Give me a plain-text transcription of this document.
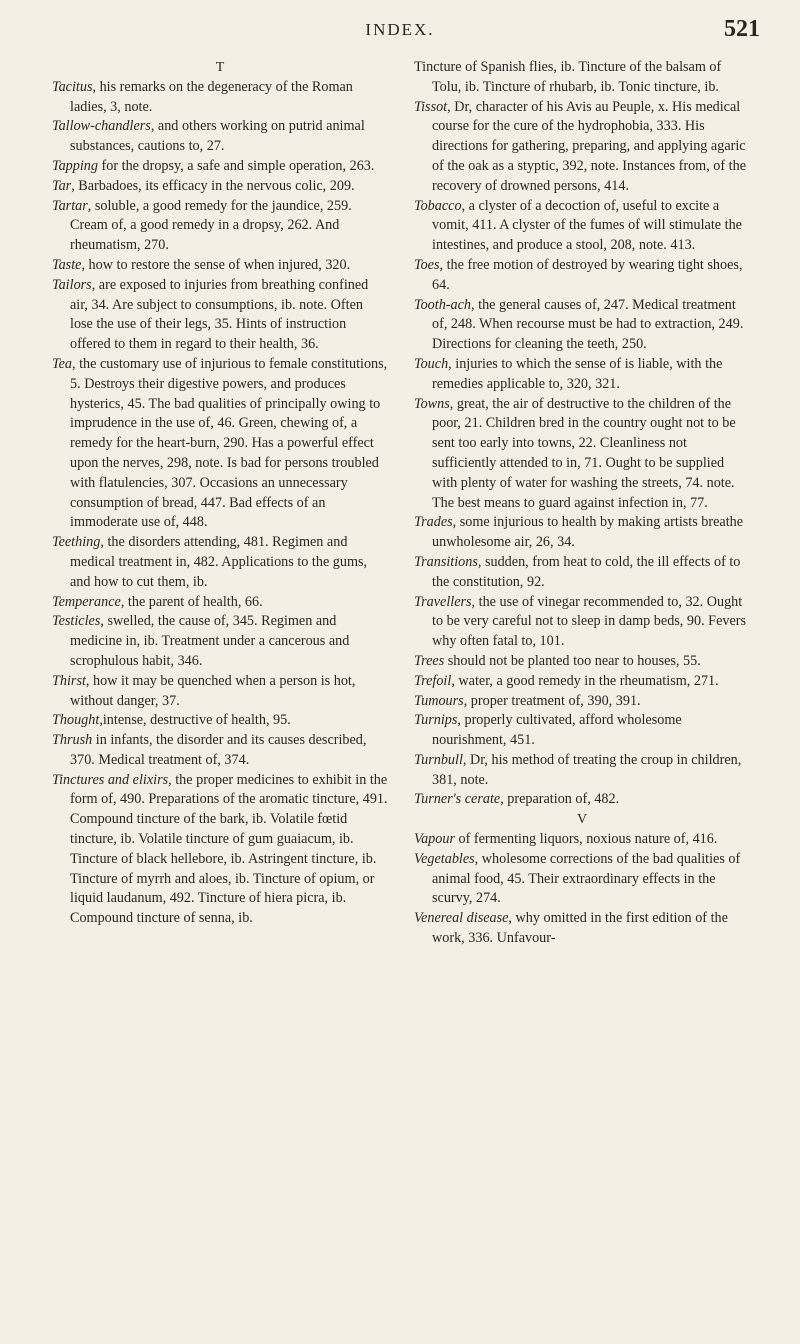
INDEX.	521
T

Tacitus, his remarks on the degeneracy of the Roman ladies, 3, note.

Tallow-chandlers, and others working on putrid animal substances, cautions to, 27.

Tapping for the dropsy, a safe and simple operation, 263.

Tar, Barbadoes, its efficacy in the nervous colic, 209.

Tartar, soluble, a good remedy for the jaundice, 259. Cream of, a good remedy in a dropsy, 262. And rheumatism, 270.

Taste, how to restore the sense of when injured, 320.

Tailors, are exposed to injuries from breathing confined air, 34. Are subject to consumptions, ib. note. Often lose the use of their legs, 35. Hints of instruction offered to them in regard to their health, 36.

Tea, the customary use of injurious to female constitutions, 5. Destroys their digestive powers, and produces hysterics, 45. The bad qualities of principally owing to imprudence in the use of, 46. Green, chewing of, a remedy for the heart-burn, 290. Has a powerful effect upon the nerves, 298, note. Is bad for persons troubled with flatulencies, 307. Occasions an unnecessary consumption of bread, 447. Bad effects of an immoderate use of, 448.

Teething, the disorders attending, 481. Regimen and medical treatment in, 482. Applications to the gums, and how to cut them, ib.

Temperance, the parent of health, 66.

Testicles, swelled, the cause of, 345. Regimen and medicine in, ib. Treatment under a cancerous and scrophulous habit, 346.

Thirst, how it may be quenched when a person is hot, without danger, 37.

Thought,intense, destructive of health, 95.

Thrush in infants, the disorder and its causes described, 370. Medical treatment of, 374.

Tinctures and elixirs, the proper medicines to exhibit in the form of, 490. Preparations of the aromatic tincture, 491. Compound tincture of the bark, ib. Volatile fœtid tincture, ib. Volatile tincture of gum guaiacum, ib. Tincture of black hellebore, ib. Astringent tincture, ib. Tincture of myrrh and aloes, ib. Tincture of opium, or liquid laudanum, 492. Tincture of hiera picra, ib. Compound tincture of senna, ib.

Tincture of Spanish flies, ib. Tincture of the balsam of Tolu, ib. Tincture of rhubarb, ib. Tonic tincture, ib.

Tissot, Dr, character of his Avis au Peuple, x. His medical course for the cure of the hydrophobia, 333. His directions for gathering, preparing, and applying agaric of the oak as a styptic, 392, note. Instances from, of the recovery of drowned persons, 414.

Tobacco, a clyster of a decoction of, useful to excite a vomit, 411. A clyster of the fumes of will stimulate the intestines, and produce a stool, 208, note. 413.

Toes, the free motion of destroyed by wearing tight shoes, 64.

Tooth-ach, the general causes of, 247. Medical treatment of, 248. When recourse must be had to extraction, 249. Directions for cleaning the teeth, 250.

Touch, injuries to which the sense of is liable, with the remedies applicable to, 320, 321.

Towns, great, the air of destructive to the children of the poor, 21. Children bred in the country ought not to be sent too early into towns, 22. Cleanliness not sufficiently attended to in, 71. Ought to be supplied with plenty of water for washing the streets, 74. note. The best means to guard against infection in, 77.

Trades, some injurious to health by making artists breathe unwholesome air, 26, 34.

Transitions, sudden, from heat to cold, the ill effects of to the constitution, 92.

Travellers, the use of vinegar recommended to, 32. Ought to be very careful not to sleep in damp beds, 90. Fevers why often fatal to, 101.

Trees should not be planted too near to houses, 55.

Trefoil, water, a good remedy in the rheumatism, 271.

Tumours, proper treatment of, 390, 391.

Turnips, properly cultivated, afford wholesome nourishment, 451.

Turnbull, Dr, his method of treating the croup in children, 381, note.

Turner's cerate, preparation of, 482.

V

Vapour of fermenting liquors, noxious nature of, 416.

Vegetables, wholesome corrections of the bad qualities of animal food, 45. Their extraordinary effects in the scurvy, 274.

Venereal disease, why omitted in the first edition of the work, 336. Unfavour-
